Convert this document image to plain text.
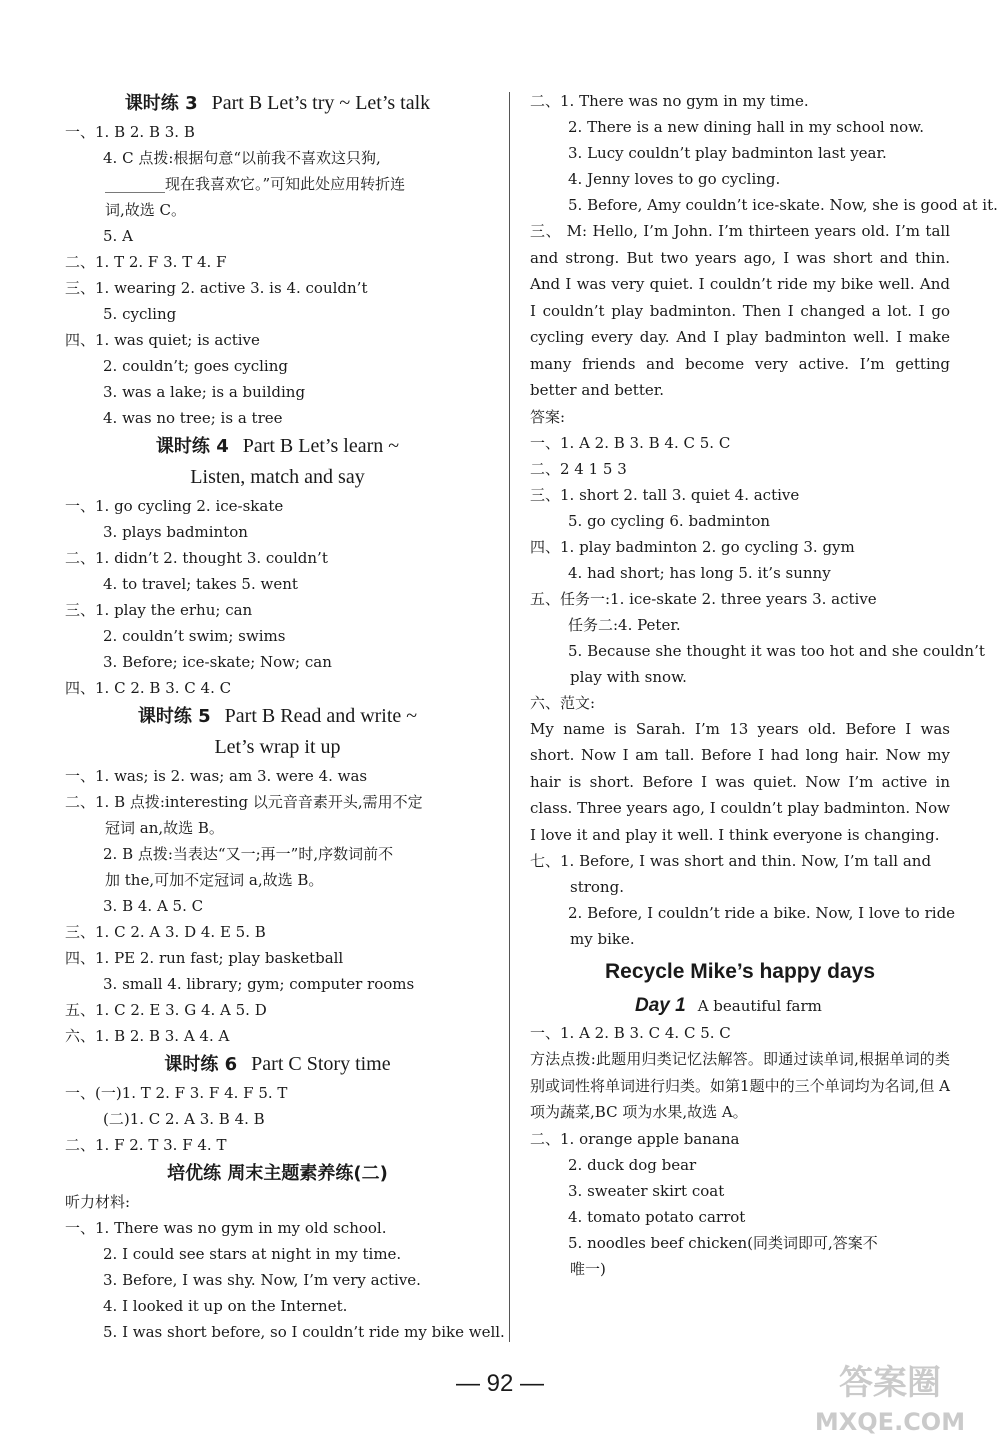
课时练 3 Part B Let’s try ~ Let’s talk
一、1. B 2. B 3. B
4. C 点拨:根据句意“以前我不喜欢这只狗,
________现在我喜欢它。”可知此处应用转折连
词,故选 C。
5. A
二、1. T 2. F 3. T 4. F
三、1. wearing 2. active 3. is 4. couldn’t
5. cycling
四、1. was quiet; is active
2. couldn’t; goes cycling
3. was a lake; is a building
4. was no tree; is a tree
课时练 4 Part B Let’s learn ~
Listen, match and say
一、1. go cycling 2. ice-skate
3. plays badminton
二、1. didn’t 2. thought 3. couldn’t
4. to travel; takes 5. went
三、1. play the erhu; can
2. couldn’t swim; swims
3. Before; ice-skate; Now; can
四、1. C 2. B 3. C 4. C
课时练 5 Part B Read and write ~
Let’s wrap it up
一、1. was; is 2. was; am 3. were 4. was
二、1. B 点拨:interesting 以元音音素开头,需用不定
冠词 an,故选 B。
2. B 点拨:当表达“又一;再一”时,序数词前不
加 the,可加不定冠词 a,故选 B。
3. B 4. A 5. C
三、1. C 2. A 3. D 4. E 5. B
四、1. PE 2. run fast; play basketball
3. small 4. library; gym; computer rooms
五、1. C 2. E 3. G 4. A 5. D
六、1. B 2. B 3. A 4. A
课时练 6 Part C Story time
一、(一)1. T 2. F 3. F 4. F 5. T
(二)1. C 2. A 3. B 4. B
二、1. F 2. T 3. F 4. T
培优练 周末主题素养练(二)
听力材料:
一、1. There was no gym in my old school.
2. I could see stars at night in my time.
3. Before, I was shy. Now, I’m very active.
4. I looked it up on the Internet.
5. I was short before, so I couldn’t ride my bike well.
二、1. There was no gym in my time.
2. There is a new dining hall in my school now.
3. Lucy couldn’t play badminton last year.
4. Jenny loves to go cycling.
5. Before, Amy couldn’t ice-skate. Now, she is good at it.
三、 M: Hello, I’m John. I’m thirteen years old. I’m tall and strong. But two years ago, I was short and thin. And I was very quiet. I couldn’t ride my bike well. And I couldn’t play badminton. Then I changed a lot. I go cycling every day. And I play badminton well. I make many friends and become very active. I’m getting better and better.
答案:
一、1. A 2. B 3. B 4. C 5. C
二、2 4 1 5 3
三、1. short 2. tall 3. quiet 4. active
5. go cycling 6. badminton
四、1. play badminton 2. go cycling 3. gym
4. had short; has long 5. it’s sunny
五、任务一:1. ice-skate 2. three years 3. active
任务二:4. Peter.
5. Because she thought it was too hot and she couldn’t
play with snow.
六、范文:
My name is Sarah. I’m 13 years old. Before I was short. Now I am tall. Before I had long hair. Now my hair is short. Before I was quiet. Now I’m active in class. Three years ago, I couldn’t play badminton. Now I love it and play it well. I think everyone is changing.
七、1. Before, I was short and thin. Now, I’m tall and
strong.
2. Before, I couldn’t ride a bike. Now, I love to ride
my bike.
Recycle Mike’s happy days
Day 1 A beautiful farm
一、1. A 2. B 3. C 4. C 5. C
方法点拨:此题用归类记忆法解答。即通过读单词,根据单词的类别或词性将单词进行归类。如第1题中的三个单词均为名词,但 A 项为蔬菜,BC 项为水果,故选 A。
二、1. orange apple banana
2. duck dog bear
3. sweater skirt coat
4. tomato potato carrot
5. noodles beef chicken(同类词即可,答案不
唯一)
— 92 —	答案圈
MXQE.COM
